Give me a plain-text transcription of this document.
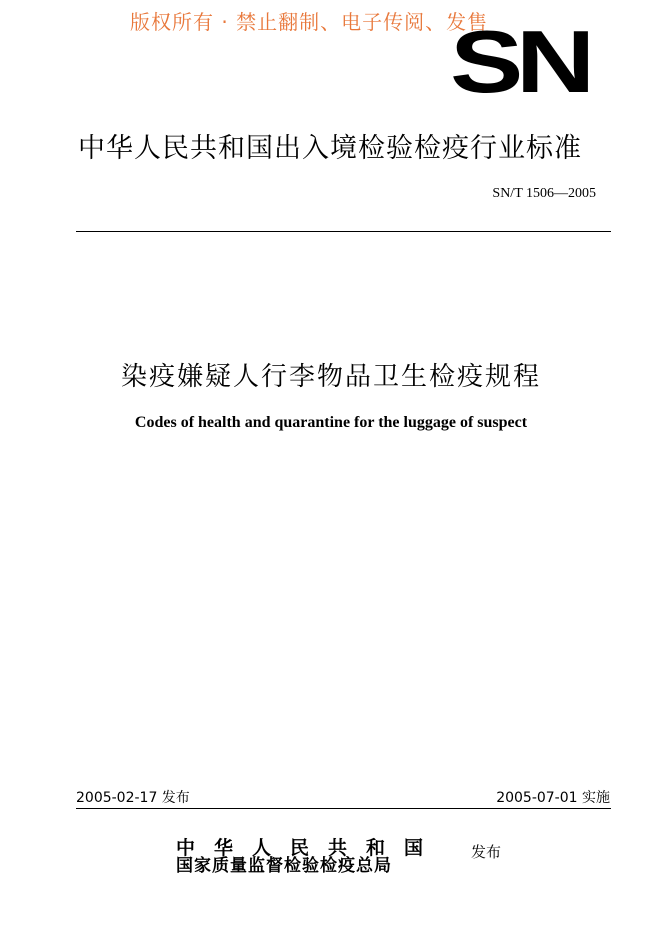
版权所有 · 禁止翻制、电子传阅、发售
SN
中华人民共和国出入境检验检疫行业标准
SN/T 1506—2005
染疫嫌疑人行李物品卫生检疫规程
Codes of health and quarantine for the luggage of suspect
2005-02-17 发布	2005-07-01 实施
中华人民共和国
国家质量监督检验检疫总局
发布
